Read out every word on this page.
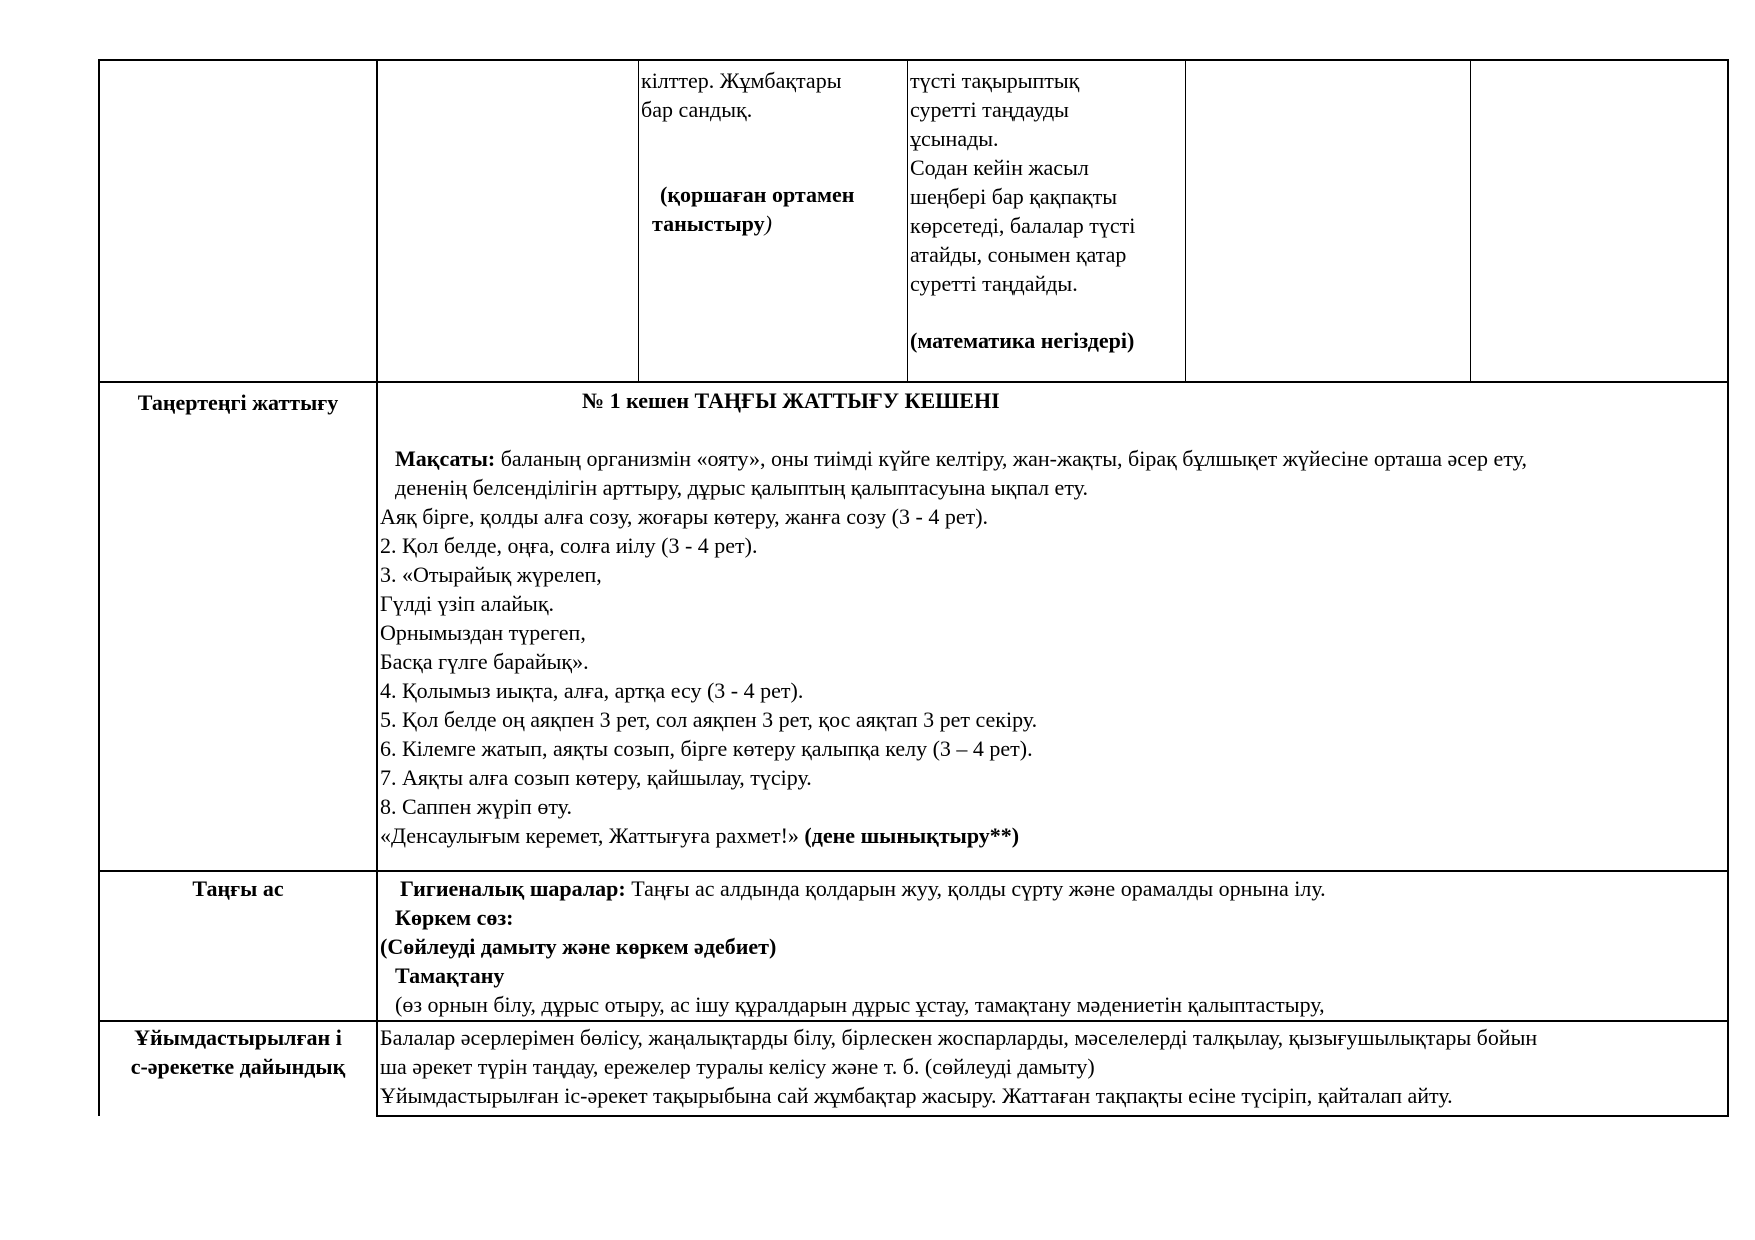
кілттер. Жұмбақтары
бар сандық.
(қоршаған ортамен
таныстыру)
түсті тақырыптық
суретті таңдауды
ұсынады.
Содан кейін жасыл
шеңбері бар қақпақты
көрсетеді, балалар түсті
атайды, сонымен қатар
суретті таңдайды.
(математика негіздері)
Таңертеңгі жаттығу	№ 1 кешен ТАҢҒЫ ЖАТТЫҒУ КЕШЕНІ
Мақсаты: баланың организмін «ояту», оны тиімді күйге келтіру, жан-жақты, бірақ бұлшықет жүйесіне орташа әсер ету,
дененің белсенділігін арттыру, дұрыс қалыптың қалыптасуына ықпал ету.
Аяқ бірге, қолды алға созу, жоғары көтеру, жанға созу (3 - 4 рет).
2. Қол белде, оңға, солға иілу (3 - 4 рет).
3. «Отырайық жүрелеп,
Гүлді үзіп алайық.
Орнымыздан түрегеп,
Басқа гүлге барайық».
4. Қолымыз иықта, алға, артқа есу (3 - 4 рет).
5. Қол белде оң аяқпен 3 рет, сол аяқпен 3 рет, қос аяқтап 3 рет секіру.
6. Кілемге жатып, аяқты созып, бірге көтеру қалыпқа келу (3 – 4 рет).
7. Аяқты алға созып көтеру, қайшылау, түсіру.
8. Саппен жүріп өту.
«Денсаулығым керемет, Жаттығуға рахмет!» (дене шынықтыру**)
Таңғы ас	Гигиеналық шаралар: Таңғы ас алдында қолдарын жуу, қолды сүрту және орамалды орнына ілу.
Көркем сөз:
(Сөйлеуді дамыту және көркем әдебиет)
Тамақтану
(өз орнын білу, дұрыс отыру, ас ішу құралдарын дұрыс ұстау, тамақтану мәдениетін қалыптастыру,
Ұйымдастырылған і
с-әрекетке дайындық
Балалар әсерлерімен бөлісу, жаңалықтарды білу, бірлескен жоспарларды, мәселелерді талқылау, қызығушылықтары бойын
ша әрекет түрін таңдау, ережелер туралы келісу және т. б. (сөйлеуді дамыту)
Ұйымдастырылған іс-әрекет тақырыбына сай жұмбақтар жасыру. Жаттаған тақпақты есіне түсіріп, қайталап айту.
